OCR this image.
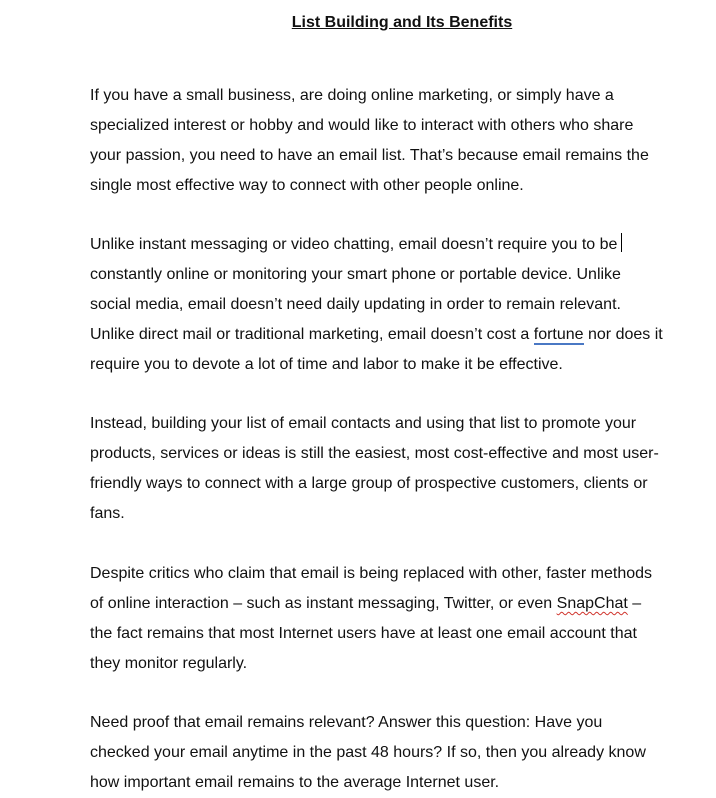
List Building and Its Benefits
If you have a small business, are doing online marketing, or simply have a
specialized interest or hobby and would like to interact with others who share
your passion, you need to have an email list. That’s because email remains the
single most effective way to connect with other people online.
Unlike instant messaging or video chatting, email doesn’t require you to be
constantly online or monitoring your smart phone or portable device. Unlike
social media, email doesn’t need daily updating in order to remain relevant.
Unlike direct mail or traditional marketing, email doesn’t cost a fortune nor does it
require you to devote a lot of time and labor to make it be effective.
Instead, building your list of email contacts and using that list to promote your
products, services or ideas is still the easiest, most cost-effective and most user-
friendly ways to connect with a large group of prospective customers, clients or
fans.
Despite critics who claim that email is being replaced with other, faster methods
of online interaction – such as instant messaging, Twitter, or even SnapChat –
the fact remains that most Internet users have at least one email account that
they monitor regularly.
Need proof that email remains relevant? Answer this question: Have you
checked your email anytime in the past 48 hours? If so, then you already know
how important email remains to the average Internet user.
